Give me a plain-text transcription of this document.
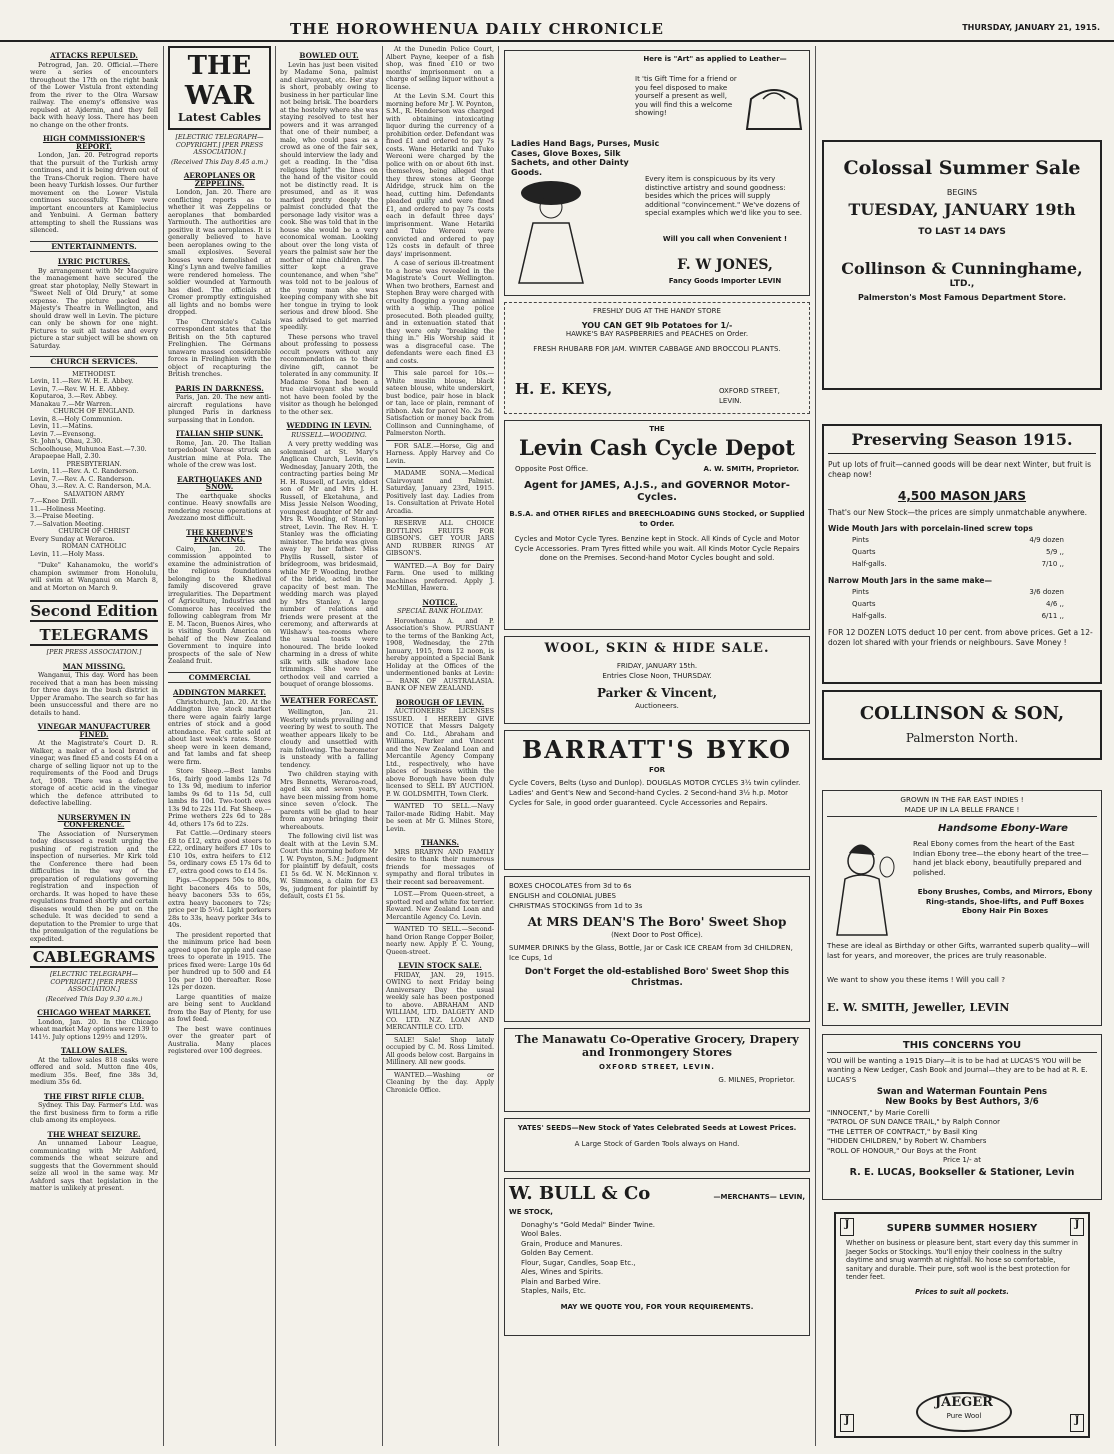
THE HOROWHENUA DAILY CHRONICLE	THURSDAY, JANUARY 21, 1915.
ATTACKS REPULSED.
Petrograd, Jan. 20. Official.—There were a series of encounters throughout the 17th on the right bank of the Lower Vistula front extending from the river to the Olra Warsaw railway. The enemy's offensive was repulsed at Ajdernin, and they fell back with heavy loss. There has been no change on the other fronts.
HIGH COMMISSIONER'S REPORT.
London, Jan. 20. Petrograd reports that the pursuit of the Turkish army continues, and it is being driven out of the Trans-Choruk region. There have been heavy Turkish losses. Our further movement on the Lower Vistula continues successfully. There were important encounters at Kamiplecius and Yenbuini. A German battery attempting to shell the Russians was silenced.
ENTERTAINMENTS.
LYRIC PICTURES.
By arrangement with Mr Macguire the management have secured the great star photoplay, Nelly Stewart in "Sweet Nell of Old Drury," at some expense. The picture packed His Majesty's Theatre in Wellington, and should draw well in Levin. The picture can only be shown for one night. Pictures to suit all tastes and every picture a star subject will be shown on Saturday.
CHURCH SERVICES.
METHODIST.
Levin, 11.—Rev. W. H. E. Abbey.
Levin, 7.—Rev. W. H. E. Abbey.
Koputaroa, 3.—Rev. Abbey.
Manakau 7.—Mr Warren.
CHURCH OF ENGLAND.
Levin, 8.—Holy Communion.
Levin, 11.—Matins.
Levin 7.—Evensong.
St. John's, Ohau, 2.30.
Schoolhouse, Muhunoa East.—7.30.
Arapaepae Hall, 2.30.
PRESBYTERIAN.
Levin, 11.—Rev. A. C. Randerson.
Levin, 7.—Rev. A. C. Randerson.
Ohau, 3.—Rev. A. C. Randerson, M.A.
SALVATION ARMY
7.—Knee Drill.
11.—Holiness Meeting.
3.—Praise Meeting.
7.—Salvation Meeting.
CHURCH OF CHRIST
Every Sunday at Weraroa.
ROMAN CATHOLIC
Levin, 11.—Holy Mass.
"Duke" Kahanamoku, the world's champion swimmer from Honolulu, will swim at Wanganui on March 8, and at Morton on March 9.
Second Edition
TELEGRAMS
[PER PRESS ASSOCIATION.]
MAN MISSING.
Wanganui, This day. Word has been received that a man has been missing for three days in the bush district in Upper Aramaho. The search so far has been unsuccessful and there are no details to hand.
VINEGAR MANUFACTURER FINED.
At the Magistrate's Court D. R. Walker, a maker of a local brand of vinegar, was fined £5 and costs £4 on a charge of selling liquor not up to the requirements of the Food and Drugs Act, 1908. There was a defective storage of acetic acid in the vinegar which the defence attributed to defective labelling.
NURSERYMEN IN CONFERENCE.
The Association of Nurserymen today discussed a result urging the pushing of registration and the inspection of nurseries. Mr Kirk told the Conference there had been difficulties in the way of the preparation of regulations governing registration and inspection of orchards. It was hoped to have these regulations framed shortly and certain diseases would then be put on the schedule. It was decided to send a deputation to the Premier to urge that the promulgation of the regulations be expedited.
CABLEGRAMS
[ELECTRIC TELEGRAPH—COPYRIGHT.] [PER PRESS ASSOCIATION.]
(Received This Day 9.30 a.m.)
CHICAGO WHEAT MARKET.
London, Jan. 20. In the Chicago wheat market May options were 139 to 141½. July options 129½ and 129⅞.
TALLOW SALES.
At the tallow sales 818 casks were offered and sold. Mutton fine 40s, medium 35s. Beef, fine 38s 3d, medium 35s 6d.
THE FIRST RIFLE CLUB.
Sydney. This Day. Farmer's Ltd. was the first business firm to form a rifle club among its employees.
THE WHEAT SEIZURE.
An unnamed Labour League, communicating with Mr Ashford, commends the wheat seizure and suggests that the Government should seize all wool in the same way. Mr Ashford says that legislation in the matter is unlikely at present.
THE WAR
Latest Cables
[ELECTRIC TELEGRAPH—COPYRIGHT.] [PER PRESS ASSOCIATION.]
(Received This Day 8.45 a.m.)
AEROPLANES OR ZEPPELINS.
London, Jan. 20. There are conflicting reports as to whether it was Zeppelins or aeroplanes that bombarded Yarmouth. The authorities are positive it was aeroplanes. It is generally believed to have been aeroplanes owing to the small explosives. Several houses were demolished at King's Lynn and twelve families were rendered homeless. The soldier wounded at Yarmouth has died. The officials at Cromer promptly extinguished all lights and no bombs were dropped.
The Chronicle's Calais correspondent states that the British on the 5th captured Frelinghien. The Germans unaware massed considerable forces in Frelinghien with the object of recapturing the British trenches.
PARIS IN DARKNESS.
Paris, Jan. 20. The new anti-aircraft regulations have plunged Paris in darkness surpassing that in London.
ITALIAN SHIP SUNK.
Rome, Jan. 20. The Italian torpedoboat Varese struck an Austrian mine at Pola. The whole of the crew was lost.
EARTHQUAKES AND SNOW.
The earthquake shocks continue. Heavy snowfalls are rendering rescue operations at Avezzano most difficult.
THE KHEDIVE'S FINANCING.
Cairo, Jan. 20. The commission appointed to examine the administration of the religious foundations belonging to the Khedival family discovered grave irregularities. The Department of Agriculture, Industries and Commerce has received the following cablegram from Mr E. M. Tacon, Buenos Aires, who is visiting South America on behalf of the New Zealand Government to inquire into prospects of the sale of New Zealand fruit.
COMMERCIAL
ADDINGTON MARKET.
Christchurch, Jan. 20. At the Addington live stock market there were again fairly large entries of stock and a good attendance. Fat cattle sold at about last week's rates. Store sheep were in keen demand, and fat lambs and fat sheep were firm.
Store Sheep.—Best lambs 16s, fairly good lambs 12s 7d to 13s 9d, medium to inferior lambs 9s 6d to 11s 5d, cull lambs 8s 10d. Two-tooth ewes 13s 9d to 22s 11d. Fat Sheep.—Prime wethers 22s 6d to 28s 4d, others 17s 6d to 22s.
Fat Cattle.—Ordinary steers £8 to £12, extra good steers to £22, ordinary heifers £7 10s to £10 10s, extra heifers to £12 5s, ordinary cows £5 17s 6d to £7, extra good cows to £14 5s.
Pigs.—Choppers 50s to 80s, light baconers 46s to 50s, heavy baconers 53s to 65s, extra heavy baconers to 72s; price per lb 5½d. Light porkers 28s to 33s, heavy porker 34s to 40s.
The president reported that the minimum price had been agreed upon for apple and case trees to operate in 1915. The prices fixed were: Large 10s 6d per hundred up to 500 and £4 10s per 100 thereafter. Rose 12s per dozen.
Large quantities of maize are being sent to Auckland from the Bay of Plenty, for use as fowl feed.
The best wave continues over the greater part of Australia. Many places registered over 100 degrees.
BOWLED OUT.
Levin has just been visited by Madame Sona, palmist and clairvoyant, etc. Her stay is short, probably owing to business in her particular line not being brisk. The boarders at the hostelry where she was staying resolved to test her powers and it was arranged that one of their number, a male, who could pass as a crowd as one of the fair sex, should interview the lady and get a reading. In the "disa religious light" the lines on the hand of the visitor could not be distinctly read. It is presumed, and as it was marked pretty deeply the palmist concluded that the personage lady visitor was a cook. She was told that in the house she would be a very economical woman. Looking about over the long vista of years the palmist saw her the mother of nine children. The sitter kept a grave countenance, and when "she" was told not to be jealous of the young man she was keeping company with she bit her tongue in trying to look serious and drew blood. She was advised to get married speedily.
These persons who travel about professing to possess occult powers without any recommendation as to their divine gift, cannot be tolerated in any community. If Madame Sona had been a true clairvoyant she would not have been fooled by the visitor as though he belonged to the other sex.
WEDDING IN LEVIN.
RUSSELL—WOODING.
A very pretty wedding was solemnised at St. Mary's Anglican Church, Levin, on Wednesday, January 20th, the contracting parties being Mr H. H. Russell, of Levin, eldest son of Mr and Mrs J. H. Russell, of Eketahuna, and Miss Jessie Nelson Wooding, youngest daughter of Mr and Mrs R. Wooding, of Stanley-street, Levin. The Rev. H. T. Stanley was the officiating minister. The bride was given away by her father. Miss Phyllis Russell, sister of bridegroom, was bridesmaid, while Mr P. Wooding, brother of the bride, acted in the capacity of best man. The wedding march was played by Mrs Stanley. A large number of relations and friends were present at the ceremony, and afterwards at Wilshaw's tea-rooms where the usual toasts were honoured. The bride looked charming in a dress of white silk with silk shadow lace trimmings. She wore the orthodox veil and carried a bouquet of orange blossoms.
WEATHER FORECAST.
Wellington, Jan. 21. Westerly winds prevailing and veering by west to south. The weather appears likely to be cloudy and unsettled with rain following. The barometer is unsteady with a falling tendency.
Two children staying with Mrs Bennetts, Weraroa-road, aged six and seven years, have been missing from home since seven o'clock. The parents will be glad to hear from anyone bringing their whereabouts.
The following civil list was dealt with at the Levin S.M. Court this morning before Mr J. W. Poynton, S.M.: Judgment for plaintiff by default, costs £1 5s 6d. W. N. McKinnon v. W. Simmons, a claim for £3 9s, judgment for plaintiff by default, costs £1 5s.
At the Dunedin Police Court, Albert Payne, keeper of a fish shop, was fined £10 or two months' imprisonment on a charge of selling liquor without a license.
At the Levin S.M. Court this morning before Mr J. W. Poynton, S.M., R. Henderson was charged with obtaining intoxicating liquor during the currency of a prohibition order. Defendant was fined £1 and ordered to pay 7s costs. Wane Hetariki and Tuko Wereoni were charged by the police with on or about 6th inst. themselves, being alleged that they threw stones at George Aldridge, struck him on the head, cutting him. Defendants pleaded guilty and were fined £1, and ordered to pay 7s costs each in default three days' imprisonment. Wane Hetariki and Tuko Wereoni were convicted and ordered to pay 12s costs in default of three days' imprisonment.
A case of serious ill-treatment to a horse was revealed in the Magistrate's Court Wellington. When two brothers, Earnest and Stephen Bray were charged with cruelty flogging a young animal with a whip. The police prosecuted. Both pleaded guilty, and in extenuation stated that they were only "breaking the thing in." His Worship said it was a disgraceful case. The defendants were each fined £3 and costs.
This sale parcel for 10s.—White muslin blouse, black sateen blouse, white underskirt, bust bodice, pair hose in black or tan, lace or plain, remnant of ribbon. Ask for parcel No. 2s 5d. Satisfaction or money back from Collinson and Cunninghame, of Palmerston North.
FOR SALE.—Horse, Gig and Harness. Apply Harvey and Co Levin.
MADAME SONA.—Medical Clairvoyant and Palmist. Saturday, January 23rd, 1915. Positively last day. Ladies from 1s. Consultation at Private Hotel Arcadia.
RESERVE ALL CHOICE BOTTLING FRUITS FOR GIBSON'S. GET YOUR JARS AND RUBBER RINGS AT GIBSON'S.
WANTED.—A Boy for Dairy Farm. One used to milking machines preferred. Apply J. McMillan, Hawera.
NOTICE.
SPECIAL BANK HOLIDAY.
Horowhenua A. and P. Association's Show. PURSUANT to the terms of the Banking Act, 1908, Wednesday, the 27th January, 1915, from 12 noon, is hereby appointed a Special Bank Holiday at the Offices of the undermentioned banks at Levin:— BANK OF AUSTRALASIA. BANK OF NEW ZEALAND.
BOROUGH OF LEVIN.
AUCTIONEERS' LICENSES ISSUED. I HEREBY GIVE NOTICE that Messrs Dalgety and Co. Ltd., Abraham and Williams, Parker and Vincent and the New Zealand Loan and Mercantile Agency Company Ltd., respectively, who have places of business within the above Borough have been duly licensed to SELL BY AUCTION. P. W. GOLDSMITH, Town Clerk.
WANTED TO SELL.—Navy Tailor-made Riding Habit. May be seen at Mr G. Milnes Store, Levin.
THANKS.
MRS BRABYN AND FAMILY desire to thank their numerous friends for messages of sympathy and floral tributes in their recent sad bereavement.
LOST.—From Queen-street, a spotted red and white fox terrier. Reward. New Zealand Loan and Mercantile Agency Co. Levin.
WANTED TO SELL.—Second-hand Orion Range Copper Boiler, nearly new. Apply P. C. Young, Queen-street.
LEVIN STOCK SALE.
FRIDAY, JAN. 29, 1915. OWING to next Friday being Anniversary Day the usual weekly sale has been postponed to above. ABRAHAM AND WILLIAM, LTD. DALGETY AND CO. LTD. N.Z. LOAN AND MERCANTILE CO. LTD.
SALE! Sale! Shop lately occupied by C. M. Ross Limited. All goods below cost. Bargains in Millinery. All new goods.
WANTED.—Washing or Cleaning by the day. Apply Chronicle Office.
Here is "Art" as applied to Leather—
It 'tis Gift Time for a friend or you feel disposed to make yourself a present as well, you will find this a welcome showing!
Ladies Hand Bags, Purses, Music Cases, Glove Boxes, Silk Sachets, and other Dainty Goods.
Every item is conspicuous by its very distinctive artistry and sound goodness: besides which the prices will supply additional "convincement." We've dozens of special examples which we'd like you to see.
Will you call when Convenient !
F. W JONES,
Fancy Goods Importer LEVIN
FRESHLY DUG AT THE HANDY STORE
YOU CAN GET 9lb Potatoes for 1/-
HAWKE'S BAY RASPBERRIES and PEACHES on Order.
FRESH RHUBARB FOR JAM. WINTER CABBAGE AND BROCCOLI PLANTS.
H. E. KEYS,	OXFORD STREET, LEVIN.
THE
Levin Cash Cycle Depot
Opposite Post Office.	A. W. SMITH, Proprietor.
Agent for JAMES, A.J.S., and GOVERNOR Motor-Cycles.
B.S.A. and OTHER RIFLES and BREECHLOADING GUNS Stocked, or Supplied to Order.
Cycles and Motor Cycle Tyres. Benzine kept in Stock. All Kinds of Cycle and Motor Cycle Accessories. Pram Tyres fitted while you wait. All Kinds Motor Cycle Repairs done on the Premises. Second-hand Motor Cycles bought and sold.
WOOL, SKIN & HIDE SALE.
FRIDAY, JANUARY 15th.
Entries Close Noon, THURSDAY.
Parker & Vincent,
Auctioneers.
BARRATT'S BYKO
FOR
Cycle Covers, Belts (Lyso and Dunlop). DOUGLAS MOTOR CYCLES 3½ twin cylinder. Ladies' and Gent's New and Second-hand Cycles. 2 Second-hand 3½ h.p. Motor Cycles for Sale, in good order guaranteed. Cycle Accessories and Repairs.
BOXES CHOCOLATES from 3d to 6s
ENGLISH and COLONIAL JUBES
CHRISTMAS STOCKINGS from 1d to 3s
At MRS DEAN'S The Boro' Sweet Shop
(Next Door to Post Office).
SUMMER DRINKS by the Glass, Bottle, Jar or Cask ICE CREAM from 3d CHILDREN, Ice Cups, 1d
Don't Forget the old-established Boro' Sweet Shop this Christmas.
The Manawatu Co-Operative Grocery, Drapery and Ironmongery Stores
OXFORD STREET, LEVIN.
G. MILNES, Proprietor.
YATES' SEEDS—New Stock of Yates Celebrated Seeds at Lowest Prices.
A Large Stock of Garden Tools always on Hand.
W. BULL & Co	—MERCHANTS— LEVIN,
WE STOCK,
Donaghy's "Gold Medal" Binder Twine.
Wool Bales.
Grain, Produce and Manures.
Golden Bay Cement.
Flour, Sugar, Candles, Soap Etc.,
Ales, Wines and Spirits.
Plain and Barbed Wire.
Staples, Nails, Etc.
MAY WE QUOTE YOU, FOR YOUR REQUIREMENTS.
Colossal Summer Sale
BEGINS
TUESDAY, JANUARY 19th
TO LAST 14 DAYS
Collinson & Cunninghame,
LTD.,
Palmerston's Most Famous Department Store.
Preserving Season 1915.
Put up lots of fruit—canned goods will be dear next Winter, but fruit is cheap now!
4,500 MASON JARS
That's our New Stock—the prices are simply unmatchable anywhere.
Wide Mouth Jars with porcelain-lined screw tops
Pints	4/9 dozen
Quarts	5/9 ,,
Half-galls.	7/10 ,,
Narrow Mouth Jars in the same make—
Pints	3/6 dozen
Quarts	4/6 ,,
Half-galls.	6/11 ,,
FOR 12 DOZEN LOTS deduct 10 per cent. from above prices. Get a 12-dozen lot shared with your friends or neighbours. Save Money !
COLLINSON & SON,
Palmerston North.
GROWN IN THE FAR EAST INDIES !
MADE UP IN LA BELLE FRANCE !
Handsome Ebony-Ware
Real Ebony comes from the heart of the East Indian Ebony tree—the ebony heart of the tree—hand jet black ebony, beautifully prepared and polished.
Ebony Brushes, Combs, and Mirrors, Ebony Ring-stands, Shoe-lifts, and Puff Boxes Ebony Hair Pin Boxes
These are ideal as Birthday or other Gifts, warranted superb quality—will last for years, and moreover, the prices are truly reasonable.
We want to show you these items ! Will you call ?
E. W. SMITH, Jeweller, LEVIN
THIS CONCERNS YOU
YOU will be wanting a 1915 Diary—it is to be had at LUCAS'S YOU will be wanting a New Ledger, Cash Book and Journal—they are to be had at R. E. LUCAS'S
Swan and Waterman Fountain Pens
New Books by Best Authors, 3/6
"INNOCENT," by Marie Corelli
"PATROL OF SUN DANCE TRAIL," by Ralph Connor
"THE LETTER OF CONTRACT," by Basil King
"HIDDEN CHILDREN," by Robert W. Chambers
"ROLL OF HONOUR," Our Boys at the Front
Price 1/- at
R. E. LUCAS, Bookseller & Stationer, Levin
J	J
SUPERB SUMMER HOSIERY
Whether on business or pleasure bent, start every day this summer in Jaeger Socks or Stockings. You'll enjoy their coolness in the sultry daytime and snug warmth at nightfall. No hose so comfortable, sanitary and durable. Their pure, soft wool is the best protection for tender feet.
Prices to suit all pockets.
JAEGER
Pure Wool
J	J
